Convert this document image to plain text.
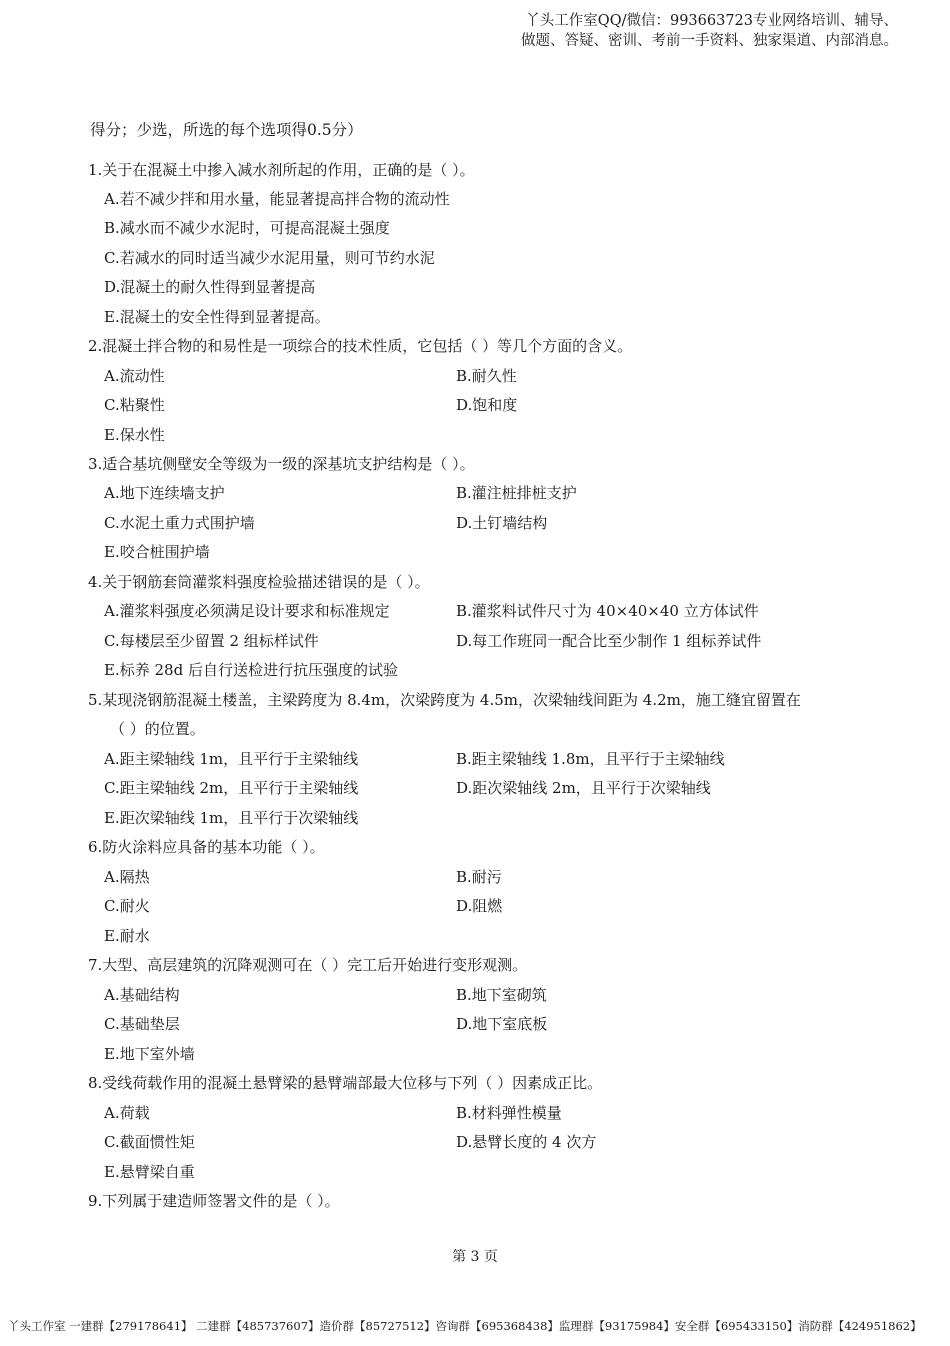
丫头工作室QQ/微信：993663723专业网络培训、辅导、
做题、答疑、密训、考前一手资料、独家渠道、内部消息。
得分；少选，所选的每个选项得0.5分）
1.关于在混凝土中掺入减水剂所起的作用，正确的是（ ）。
A.若不减少拌和用水量，能显著提高拌合物的流动性
B.减水而不减少水泥时，可提高混凝土强度
C.若减水的同时适当减少水泥用量，则可节约水泥
D.混凝土的耐久性得到显著提高
E.混凝土的安全性得到显著提高。
2.混凝土拌合物的和易性是一项综合的技术性质，它包括（ ）等几个方面的含义。
A.流动性	B.耐久性
C.粘聚性	D.饱和度
E.保水性
3.适合基坑侧壁安全等级为一级的深基坑支护结构是（ ）。
A.地下连续墙支护	B.灌注桩排桩支护
C.水泥土重力式围护墙	D.土钉墙结构
E.咬合桩围护墙
4.关于钢筋套筒灌浆料强度检验描述错误的是（ ）。
A.灌浆料强度必须满足设计要求和标准规定	B.灌浆料试件尺寸为 40×40×40 立方体试件
C.每楼层至少留置 2 组标样试件	D.每工作班同一配合比至少制作 1 组标养试件
E.标养 28d 后自行送检进行抗压强度的试验
5.某现浇钢筋混凝土楼盖，主梁跨度为 8.4m，次梁跨度为 4.5m，次梁轴线间距为 4.2m，施工缝宜留置在
（ ）的位置。
A.距主梁轴线 1m，且平行于主梁轴线	B.距主梁轴线 1.8m，且平行于主梁轴线
C.距主梁轴线 2m，且平行于主梁轴线	D.距次梁轴线 2m，且平行于次梁轴线
E.距次梁轴线 1m，且平行于次梁轴线
6.防火涂料应具备的基本功能（ ）。
A.隔热	B.耐污
C.耐火	D.阻燃
E.耐水
7.大型、高层建筑的沉降观测可在（ ）完工后开始进行变形观测。
A.基础结构	B.地下室砌筑
C.基础垫层	D.地下室底板
E.地下室外墙
8.受线荷载作用的混凝土悬臂梁的悬臂端部最大位移与下列（ ）因素成正比。
A.荷载	B.材料弹性模量
C.截面惯性矩	D.悬臂长度的 4 次方
E.悬臂梁自重
9.下列属于建造师签署文件的是（ ）。
第 3 页
丫头工作室 一建群【279178641】 二建群【485737607】造价群【85727512】咨询群【695368438】监理群【93175984】安全群【695433150】消防群【424951862】
